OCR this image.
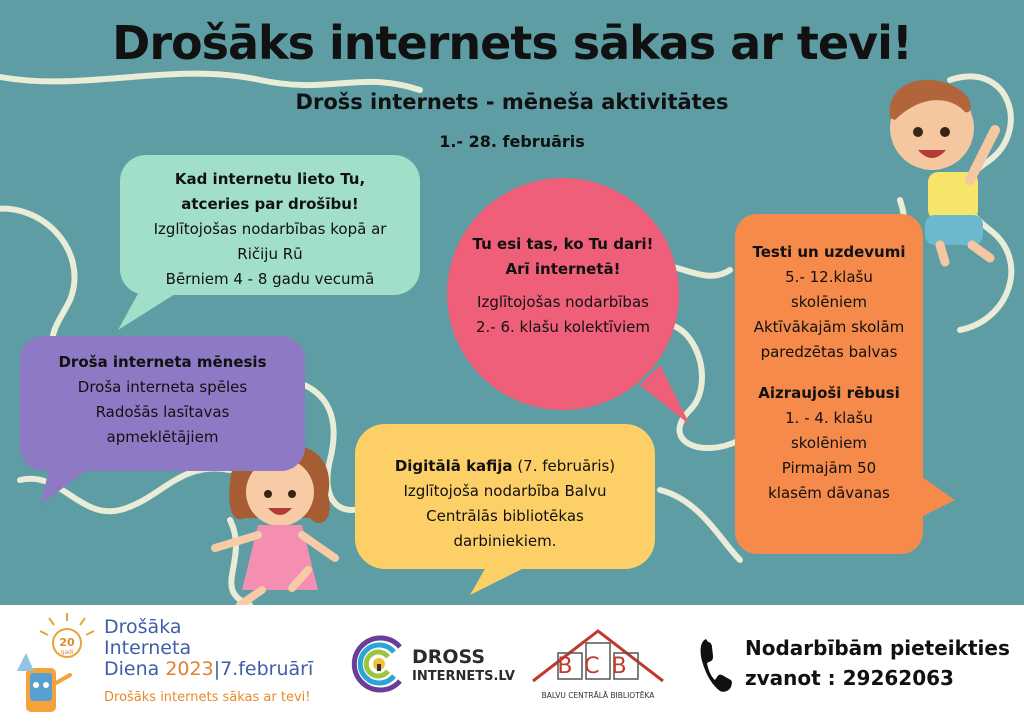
Drošāks internets sākas ar tevi!
Drošs internets - mēneša aktivitātes
1.- 28. februāris
Kad internetu lieto Tu,
atceries par drošību!
Izglītojošas nodarbības kopā ar
Ričiju Rū
Bērniem 4 - 8 gadu vecumā
Droša interneta mēnesis
Droša interneta spēles
Radošās lasītavas
apmeklētājiem
Tu esi tas, ko Tu dari!
Arī internetā!
Izglītojošas nodarbības
2.- 6. klašu kolektīviem
Digitālā kafija (7. februāris)
Izglītojoša nodarbība Balvu
Centrālās bibliotēkas
darbiniekiem.
Testi un uzdevumi
5.- 12.klašu
skolēniem
Aktīvākajām skolām
paredzētas balvas
Aizraujoši rēbusi
1. - 4. klašu
skolēniem
Pirmajām 50
klasēm dāvanas
20
gadi
Drošāka
Interneta
Diena 2023|7.februārī
Drošāks internets sākas ar tevi!
DROSS
INTERNETS.LV BCB
BALVU CENTRĀLĀ BIBLIOTĒKA
Nodarbībām pieteikties
zvanot : 29262063
